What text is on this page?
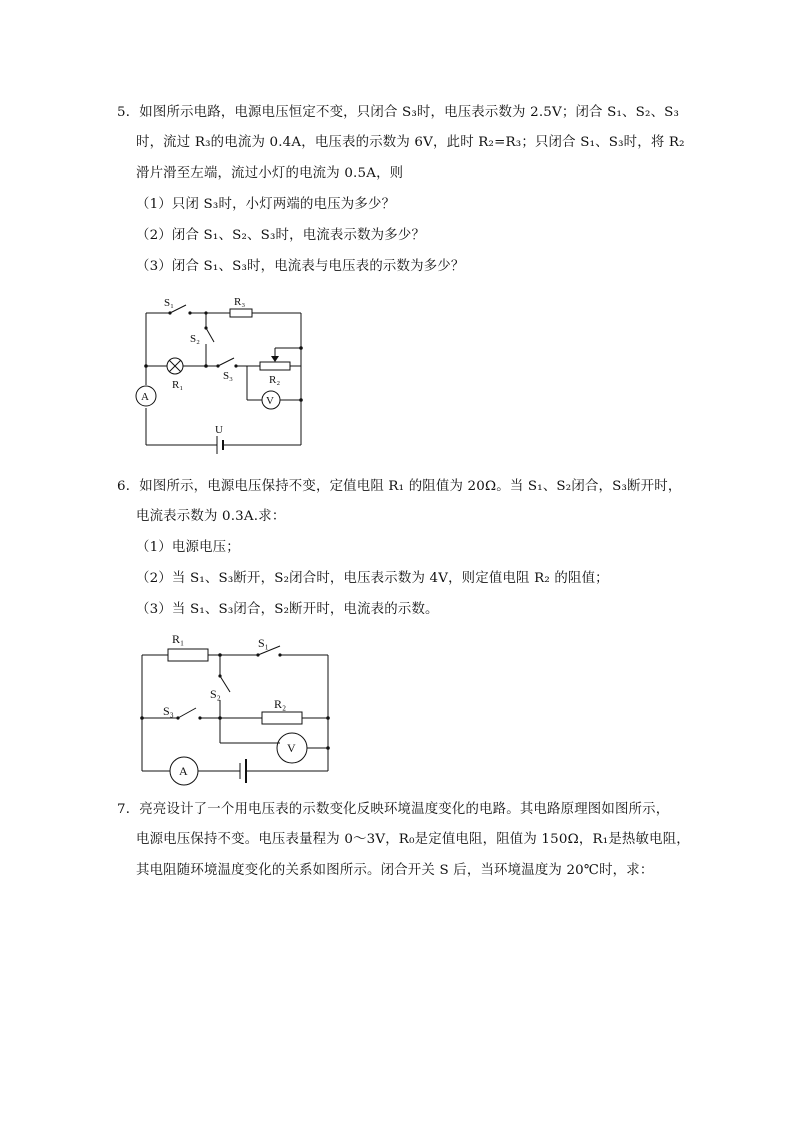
5．如图所示电路，电源电压恒定不变，只闭合 S₃时，电压表示数为 2.5V；闭合 S₁、S₂、S₃
时，流过 R₃的电流为 0.4A，电压表的示数为 6V，此时 R₂=R₃；只闭合 S₁、S₃时，将 R₂
滑片滑至左端，流过小灯的电流为 0.5A，则
（1）只闭 S₃时，小灯两端的电压为多少？
（2）闭合 S₁、S₂、S₃时，电流表示数为多少？
（3）闭合 S₁、S₃时，电流表与电压表的示数为多少？
S₁	R₃
S₂
R₁
S₃	R₂
A	V
U
6．如图所示，电源电压保持不变，定值电阻 R₁ 的阻值为 20Ω。当 S₁、S₂闭合，S₃断开时，
电流表示数为 0.3A.求：
（1）电源电压；
（2）当 S₁、S₃断开，S₂闭合时，电压表示数为 4V，则定值电阻 R₂ 的阻值；
（3）当 S₁、S₃闭合，S₂断开时，电流表的示数。
R₁	S₁
S₂
S₃	R₂
V
A
7．亮亮设计了一个用电压表的示数变化反映环境温度变化的电路。其电路原理图如图所示，
电源电压保持不变。电压表量程为 0～3V，R₀是定值电阻，阻值为 150Ω，R₁是热敏电阻，
其电阻随环境温度变化的关系如图所示。闭合开关 S 后，当环境温度为 20℃时，求：
